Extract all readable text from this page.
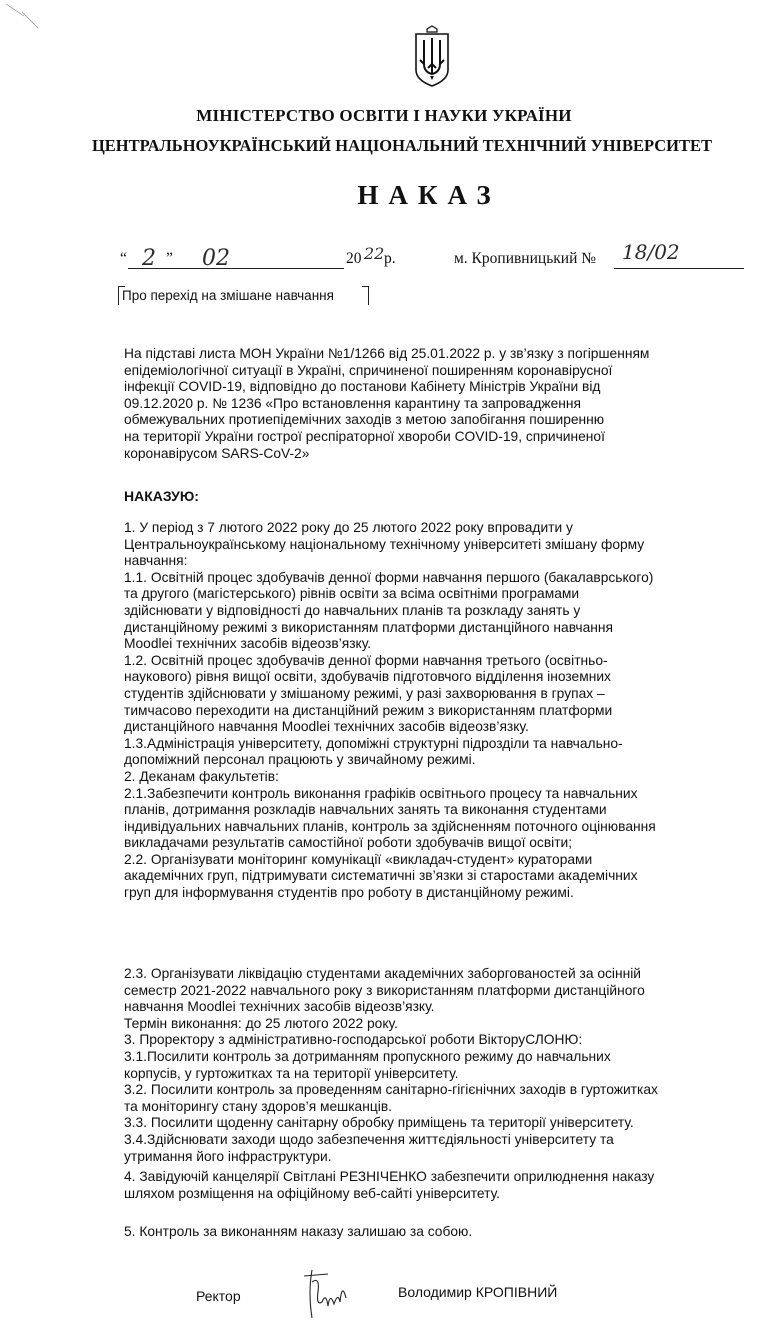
МІНІСТЕРСТВО ОСВІТИ І НАУКИ УКРАЇНИ
ЦЕНТРАЛЬНОУКРАЇНСЬКИЙ НАЦІОНАЛЬНИЙ ТЕХНІЧНИЙ УНІВЕРСИТЕТ
НАКАЗ
“ 2 ” 02	20 22 р.	м. Кропивницький № 18/02
Про перехід на змішане навчання
На підставі листа МОН України №1/1266 від 25.01.2022 р. у зв’язку з погіршенням
епідеміологічної ситуації в Україні, спричиненої поширенням коронавірусної
інфекції COVID-19, відповідно до постанови Кабінету Міністрів України від
09.12.2020 р. № 1236 «Про встановлення карантину та запровадження
обмежувальних протиепідемічних заходів з метою запобігання поширенню
на території України гострої респіраторної хвороби COVID-19, спричиненої
коронавірусом SARS-CoV-2»
НАКАЗУЮ:
1. У період з 7 лютого 2022 року до 25 лютого 2022 року впровадити у
Центральноукраїнському національному технічному університеті змішану форму
навчання:
1.1. Освітній процес здобувачів денної форми навчання першого (бакалаврського)
та другого (магістерського) рівнів освіти за всіма освітніми програмами
здійснювати у відповідності до навчальних планів та розкладу занять у
дистанційному режимі з використанням платформи дистанційного навчання
Moodleі технічних засобів відеозв’язку.
1.2. Освітній процес здобувачів денної форми навчання третього (освітньо-
наукового) рівня вищої освіти, здобувачів підготовчого відділення іноземних
студентів здійснювати у змішаному режимі, у разі захворювання в групах –
тимчасово переходити на дистанційний режим з використанням платформи
дистанційного навчання Moodleі технічних засобів відеозв’язку.
1.3.Адміністрація університету, допоміжні структурні підрозділи та навчально-
допоміжний персонал працюють у звичайному режимі.
2. Деканам факультетів:
2.1.Забезпечити контроль виконання графіків освітнього процесу та навчальних
планів, дотримання розкладів навчальних занять та виконання студентами
індивідуальних навчальних планів, контроль за здійсненням поточного оцінювання
викладачами результатів самостійної роботи здобувачів вищої освіти;
2.2. Організувати моніторинг комунікації «викладач-студент» кураторами
академічних груп, підтримувати систематичні зв’язки зі старостами академічних
груп для інформування студентів про роботу в дистанційному режимі.
2.3. Організувати ліквідацію студентами академічних заборгованостей за осінній
семестр 2021-2022 навчального року з використанням платформи дистанційного
навчання Moodleі технічних засобів відеозв’язку.
Термін виконання: до 25 лютого 2022 року.
3. Проректору з адміністративно-господарської роботи ВікторуСЛОНЮ:
3.1.Посилити контроль за дотриманням пропускного режиму до навчальних
корпусів, у гуртожитках та на території університету.
3.2. Посилити контроль за проведенням санітарно-гігієнічних заходів в гуртожитках
та моніторингу стану здоров’я мешканців.
3.3. Посилити щоденну санітарну обробку приміщень та території університету.
3.4.Здійснювати заходи щодо забезпечення життєдіяльності університету та
утримання його інфраструктури.
4. Завідуючій канцелярії Світлані РЕЗНІЧЕНКО забезпечити оприлюднення наказу
шляхом розміщення на офіційному веб-сайті університету.
5. Контроль за виконанням наказу залишаю за собою.
Ректор	Володимир КРОПІВНИЙ
